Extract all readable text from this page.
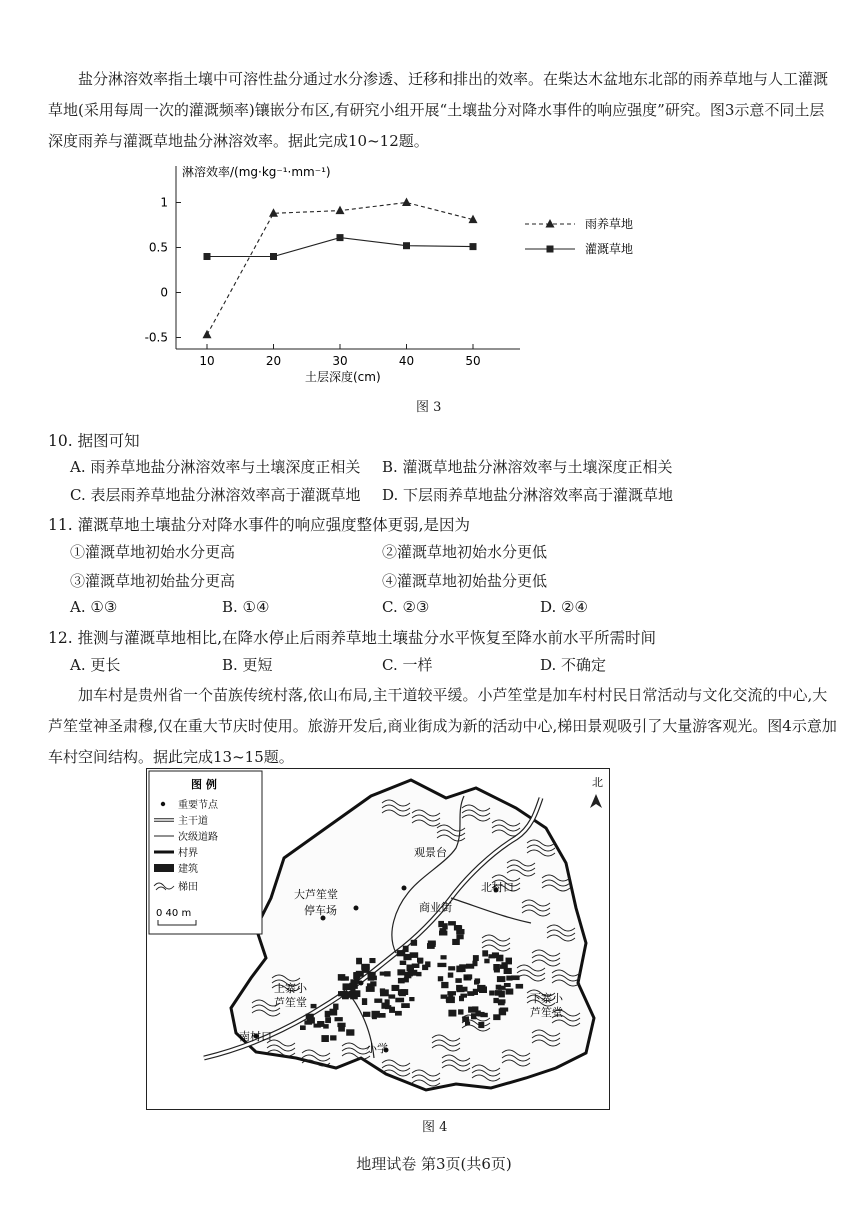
盐分淋溶效率指土壤中可溶性盐分通过水分渗透、迁移和排出的效率。在柴达木盆地东北部的雨养草地与人工灌溉草地(采用每周一次的灌溉频率)镶嵌分布区,有研究小组开展“土壤盐分对降水事件的响应强度”研究。图3示意不同土层深度雨养与灌溉草地盐分淋溶效率。据此完成10~12题。
淋溶效率/(mg·kg⁻¹·mm⁻¹)
1
0.5
0
-0.5
10	20	30	40	50
雨养草地
灌溉草地
土层深度(cm)
图 3
10. 据图可知
A. 雨养草地盐分淋溶效率与土壤深度正相关 B. 灌溉草地盐分淋溶效率与土壤深度正相关
C. 表层雨养草地盐分淋溶效率高于灌溉草地 D. 下层雨养草地盐分淋溶效率高于灌溉草地
11. 灌溉草地土壤盐分对降水事件的响应强度整体更弱,是因为
①灌溉草地初始水分更高	②灌溉草地初始水分更低
③灌溉草地初始盐分更高	④灌溉草地初始盐分更低
A. ①③	B. ①④	C. ②③	D. ②④
12. 推测与灌溉草地相比,在降水停止后雨养草地土壤盐分水平恢复至降水前水平所需时间
A. 更长	B. 更短	C. 一样	D. 不确定
加车村是贵州省一个苗族传统村落,依山布局,主干道较平缓。小芦笙堂是加车村村民日常活动与文化交流的中心,大芦笙堂神圣肃穆,仅在重大节庆时使用。旅游开发后,商业街成为新的活动中心,梯田景观吸引了大量游客观光。图4示意加车村空间结构。据此完成13~15题。
图 例
重要节点
主干道
次级道路
村界
建筑
梯田
0 40 m
北
观景台
北村口
大芦笙堂
停车场	商业街
上寨小芦笙堂	下寨小芦笙堂
南村口
小学
图 4
地理试卷 第3页(共6页)
